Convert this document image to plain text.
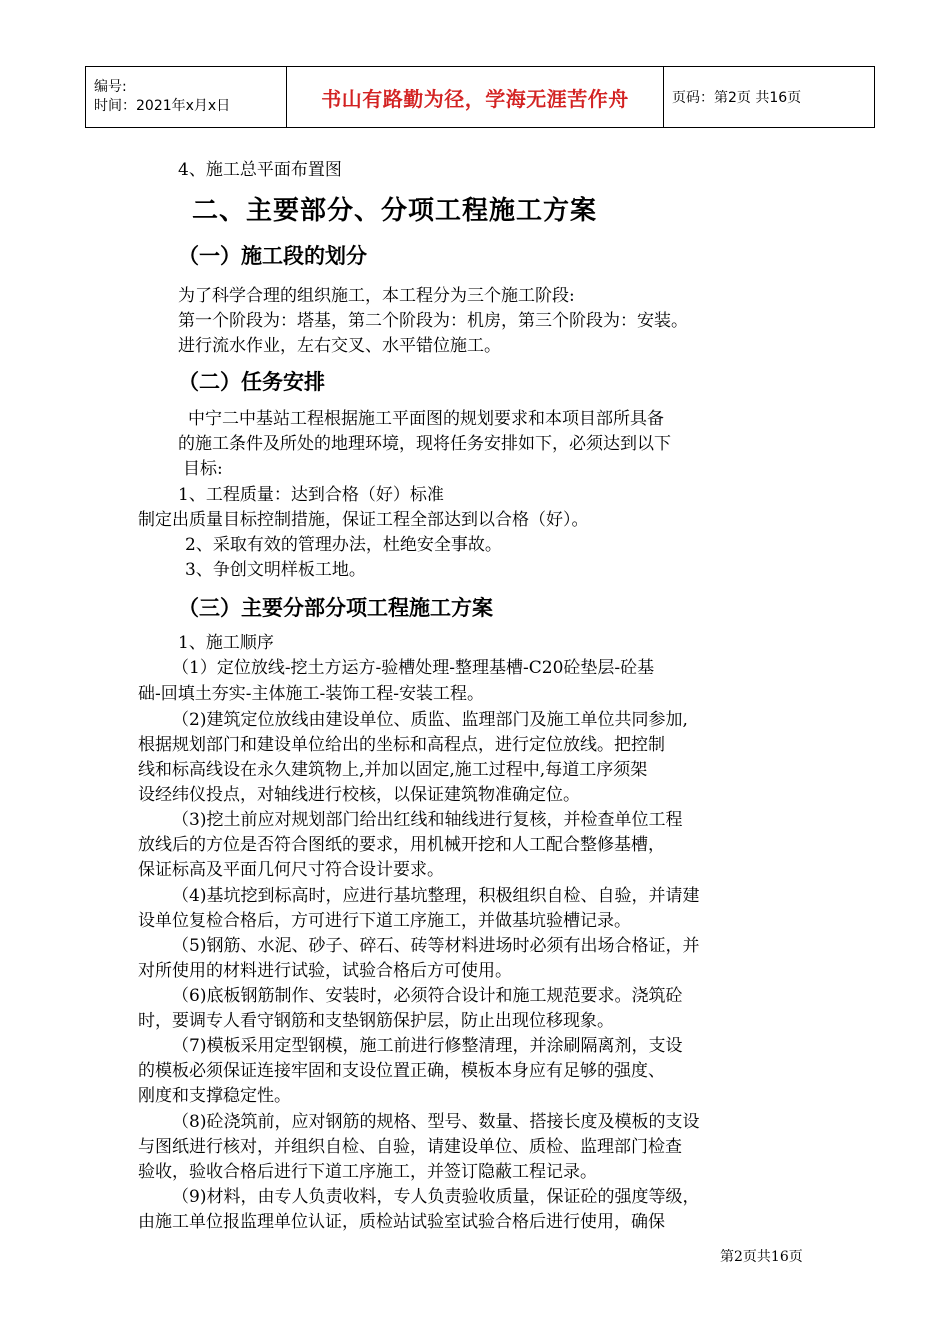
编号:
时间：2021年x月x日	书山有路勤为径，学海无涯苦作舟	页码：第2页 共16页
4、施工总平面布置图
二、主要部分、分项工程施工方案
（一）施工段的划分
为了科学合理的组织施工，本工程分为三个施工阶段:
第一个阶段为：塔基，第二个阶段为：机房，第三个阶段为：安装。
进行流水作业，左右交叉、水平错位施工。
（二）任务安排
中宁二中基站工程根据施工平面图的规划要求和本项目部所具备
的施工条件及所处的地理环境，现将任务安排如下，必须达到以下
目标:
1、工程质量：达到合格（好）标准
制定出质量目标控制措施，保证工程全部达到以合格（好）。
2、采取有效的管理办法，杜绝安全事故。
3、争创文明样板工地。
（三）主要分部分项工程施工方案
1、施工顺序
（1）定位放线-挖土方运方-验槽处理-整理基槽-C20砼垫层-砼基
础-回填土夯实-主体施工-装饰工程-安装工程。
（2)建筑定位放线由建设单位、质监、监理部门及施工单位共同参加,
根据规划部门和建设单位给出的坐标和高程点，进行定位放线。把控制
线和标高线设在永久建筑物上,并加以固定,施工过程中,每道工序须架
设经纬仪投点，对轴线进行校核，以保证建筑物准确定位。
（3)挖土前应对规划部门给出红线和轴线进行复核，并检查单位工程
放线后的方位是否符合图纸的要求，用机械开挖和人工配合整修基槽，
保证标高及平面几何尺寸符合设计要求。
（4)基坑挖到标高时，应进行基坑整理，积极组织自检、自验，并请建
设单位复检合格后，方可进行下道工序施工，并做基坑验槽记录。
（5)钢筋、水泥、砂子、碎石、砖等材料进场时必须有出场合格证，并
对所使用的材料进行试验，试验合格后方可使用。
（6)底板钢筋制作、安装时，必须符合设计和施工规范要求。浇筑砼
时，要调专人看守钢筋和支垫钢筋保护层，防止出现位移现象。
（7)模板采用定型钢模，施工前进行修整清理，并涂刷隔离剂，支设
的模板必须保证连接牢固和支设位置正确，模板本身应有足够的强度、
刚度和支撑稳定性。
（8)砼浇筑前，应对钢筋的规格、型号、数量、搭接长度及模板的支设
与图纸进行核对，并组织自检、自验，请建设单位、质检、监理部门检查
验收，验收合格后进行下道工序施工，并签订隐蔽工程记录。
（9)材料，由专人负责收料，专人负责验收质量，保证砼的强度等级，
由施工单位报监理单位认证，质检站试验室试验合格后进行使用，确保
第2页共16页
